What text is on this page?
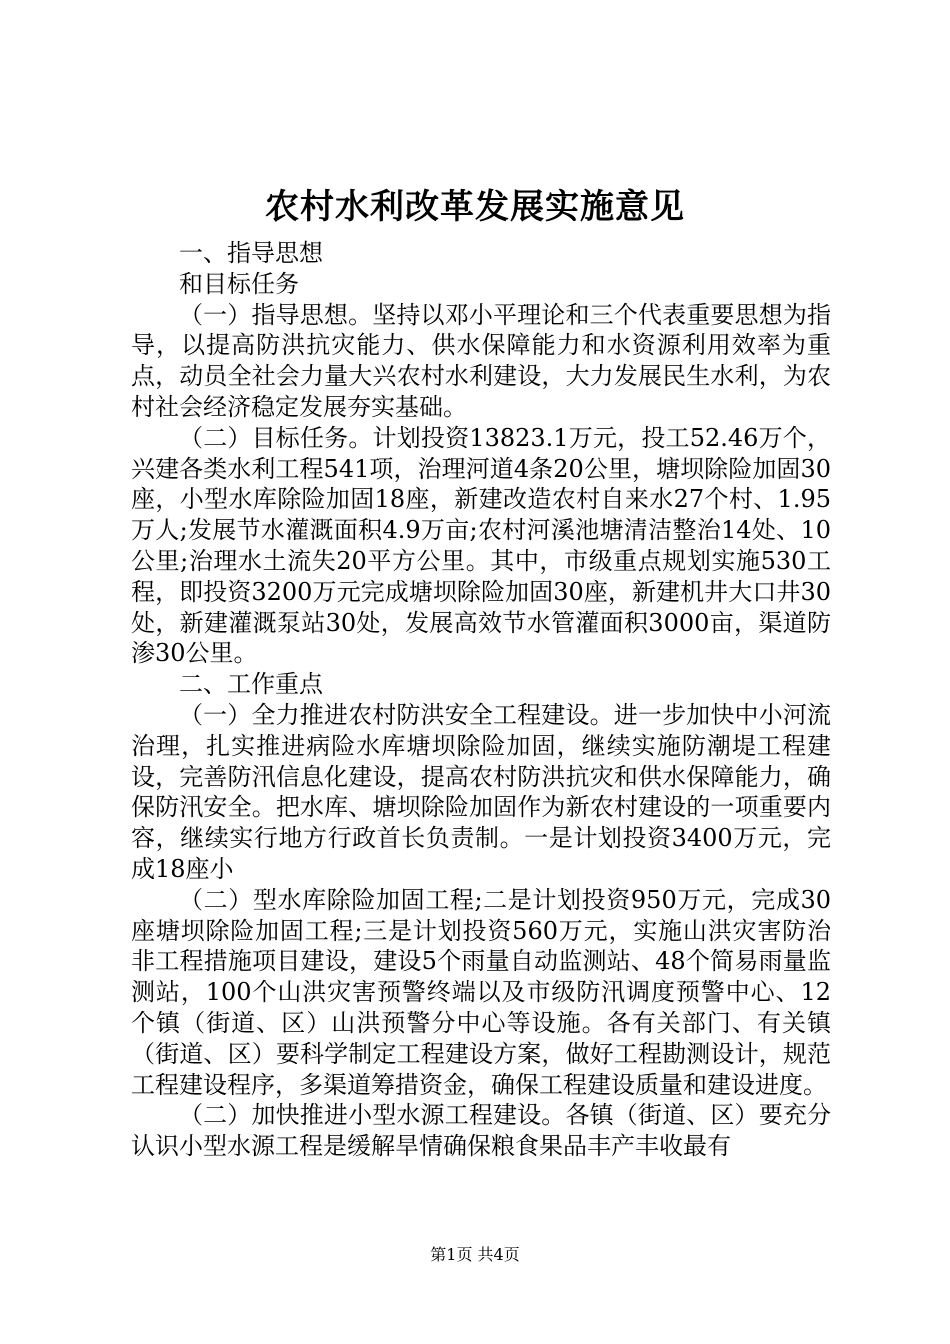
农村水利改革发展实施意见

一、指导思想

和目标任务

（一）指导思想。坚持以邓小平理论和三个代表重要思想为指导，以提高防洪抗灾能力、供水保障能力和水资源利用效率为重点，动员全社会力量大兴农村水利建设，大力发展民生水利，为农村社会经济稳定发展夯实基础。

（二）目标任务。计划投资13823.1万元，投工52.46万个，兴建各类水利工程541项，治理河道4条20公里，塘坝除险加固30座，小型水库除险加固18座，新建改造农村自来水27个村、1.95万人;发展节水灌溉面积4.9万亩;农村河溪池塘清洁整治14处、10公里;治理水土流失20平方公里。其中，市级重点规划实施530工程，即投资3200万元完成塘坝除险加固30座，新建机井大口井30处，新建灌溉泵站30处，发展高效节水管灌面积3000亩，渠道防渗30公里。

二、工作重点

（一）全力推进农村防洪安全工程建设。进一步加快中小河流治理，扎实推进病险水库塘坝除险加固，继续实施防潮堤工程建设，完善防汛信息化建设，提高农村防洪抗灾和供水保障能力，确保防汛安全。把水库、塘坝除险加固作为新农村建设的一项重要内容，继续实行地方行政首长负责制。一是计划投资3400万元，完成18座小

（二）型水库除险加固工程;二是计划投资950万元，完成30座塘坝除险加固工程;三是计划投资560万元，实施山洪灾害防治非工程措施项目建设，建设5个雨量自动监测站、48个简易雨量监测站，100个山洪灾害预警终端以及市级防汛调度预警中心、12个镇（街道、区）山洪预警分中心等设施。各有关部门、有关镇（街道、区）要科学制定工程建设方案，做好工程勘测设计，规范工程建设程序，多渠道筹措资金，确保工程建设质量和建设进度。

（二）加快推进小型水源工程建设。各镇（街道、区）要充分认识小型水源工程是缓解旱情确保粮食果品丰产丰收最有

第1页 共4页
